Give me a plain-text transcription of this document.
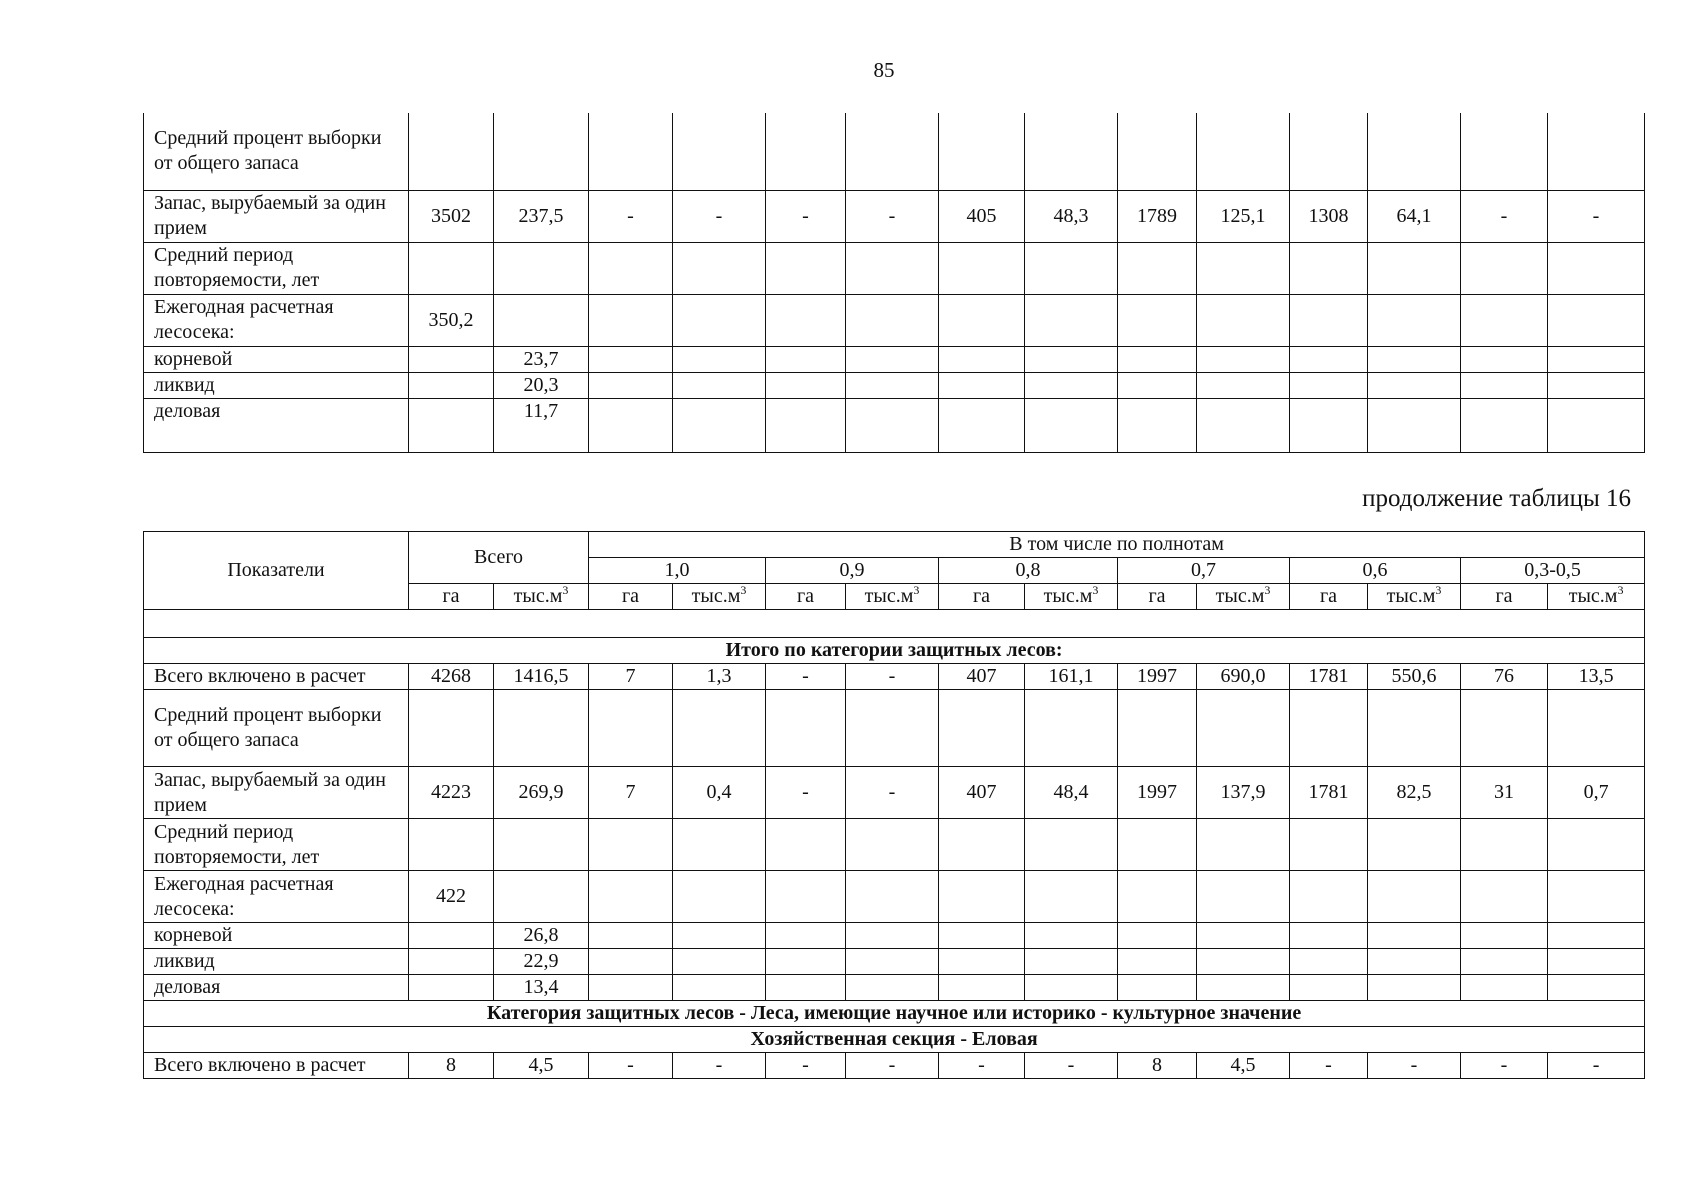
85
Средний процент выборки от общего запаса														
Запас, вырубаемый за один прием	3502	237,5	-	-	-	-	405	48,3	1789	125,1	1308	64,1	-	-
Средний период повторяемости, лет														
Ежегодная расчетная лесосека:	350,2													
корневой		23,7												
ликвид		20,3												
деловая		11,7												
продолжение таблицы 16
Показатели	Всего		В том числе по полнотам											
			1,0		0,9		0,8		0,7		0,6		0,3-0,5	
	га	$тыс.м^3$	га	$тыс.м^3$	га	$тыс.м^3$	га	$тыс.м^3$	га	$тыс.м^3$	га	$тыс.м^3$	га	$тыс.м^3$

Итого по категории защитных лесов:														
Всего включено в расчет	4268	1416,5	7	1,3	-	-	407	161,1	1997	690,0	1781	550,6	76	13,5
Средний процент выборки от общего запаса														
Запас, вырубаемый за один прием	4223	269,9	7	0,4	-	-	407	48,4	1997	137,9	1781	82,5	31	0,7
Средний период повторяемости, лет														
Ежегодная расчетная лесосека:	422													
корневой		26,8												
ликвид		22,9												
деловая		13,4												
Категория защитных лесов - Леса, имеющие научное или историко - культурное значение														
Хозяйственная секция - Еловая														
Всего включено в расчет	8	4,5	-	-	-	-	-	-	8	4,5	-	-	-	-
